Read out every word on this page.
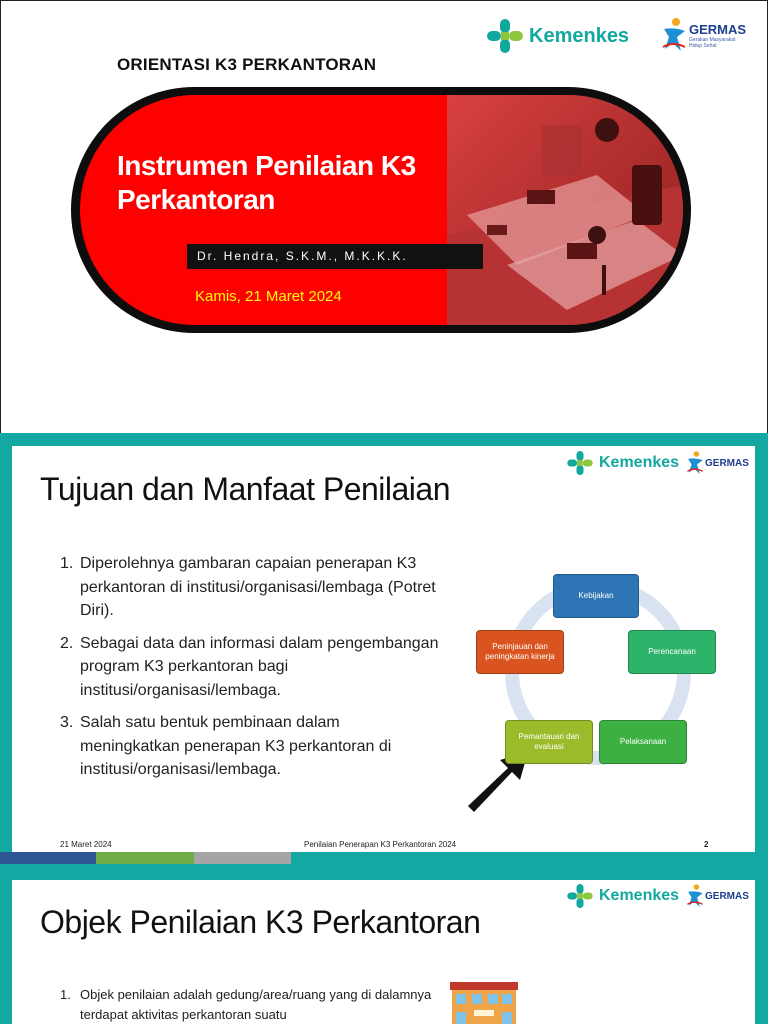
Kemenkes	GERMAS
Gerakan Masyarakat Hidup Sehat
ORIENTASI K3 PERKANTORAN
Instrumen Penilaian K3
Perkantoran
Dr. Hendra, S.K.M., M.K.K.K.
Kamis, 21 Maret 2024
Kemenkes	GERMAS
Tujuan dan Manfaat Penilaian
1. Diperolehnya gambaran capaian penerapan K3 perkantoran di institusi/organisasi/lembaga (Potret Diri).
2. Sebagai data dan informasi dalam pengembangan program K3 perkantoran bagi institusi/organisasi/lembaga.
3. Salah satu bentuk pembinaan dalam meningkatkan penerapan K3 perkantoran di institusi/organisasi/lembaga.
Kebijakan
Perencanaan
Pelaksanaan
Pemantauan dan evaluasi
Peninjauan dan peningkatan kinerja
21 Maret 2024	Penilaian Penerapan K3 Perkantoran 2024	2
Kemenkes	GERMAS
Objek Penilaian K3 Perkantoran
1. Objek penilaian adalah gedung/area/ruang yang di dalamnya terdapat aktivitas perkantoran suatu
